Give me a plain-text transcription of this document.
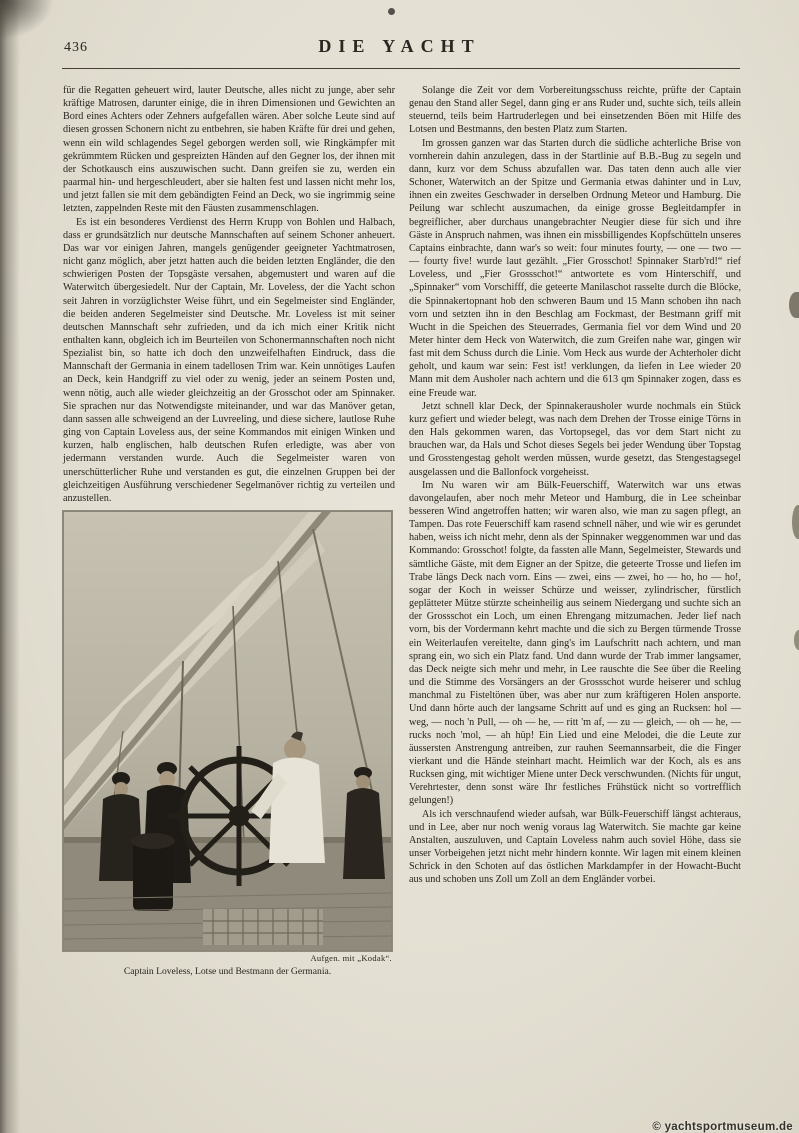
436	DIE YACHT

für die Regatten geheuert wird, lauter Deutsche, alles nicht zu junge, aber sehr kräftige Matrosen, darunter einige, die in ihren Dimensionen und Gewichten an Bord eines Achters oder Zehners aufgefallen wären. Aber solche Leute sind auf diesen grossen Schonern nicht zu entbehren, sie haben Kräfte für drei und gehen, wenn ein wild schlagendes Segel geborgen werden soll, wie Ringkämpfer mit gekrümmtem Rücken und gespreizten Händen auf den Gegner los, der ihnen mit der Schotkausch eins auszuwischen sucht. Dann greifen sie zu, werden ein paarmal hin- und hergeschleudert, aber sie halten fest und lassen nicht mehr los, und jetzt fallen sie mit dem gebändigten Feind an Deck, wo sie ingrimmig seine letzten, zappelnden Reste mit den Fäusten zusammenschlagen.

Es ist ein besonderes Verdienst des Herrn Krupp von Bohlen und Halbach, dass er grundsätzlich nur deutsche Mannschaften auf seinem Schoner anheuert. Das war vor einigen Jahren, mangels genügender geeigneter Yachtmatrosen, nicht ganz möglich, aber jetzt hatten auch die beiden letzten Engländer, die den schwierigen Posten der Topsgäste versahen, abgemustert und waren auf die Waterwitch übergesiedelt. Nur der Captain, Mr. Loveless, der die Yacht schon seit Jahren in vorzüglichster Weise führt, und ein Segelmeister sind Engländer, die beiden anderen Segelmeister sind Deutsche. Mr. Loveless ist mit seiner deutschen Mannschaft sehr zufrieden, und da ich mich einer Kritik nicht enthalten kann, obgleich ich im Beurteilen von Schonermannschaften noch nicht Spezialist bin, so hatte ich doch den unzweifelhaften Eindruck, dass die Mannschaft der Germania in einem tadellosen Trim war. Kein unnötiges Laufen an Deck, kein Handgriff zu viel oder zu wenig, jeder an seinem Posten und, wenn nötig, auch alle wieder gleichzeitig an der Grosschot oder am Spinnaker. Sie sprachen nur das Notwendigste miteinander, und war das Manöver getan, dann sassen alle schweigend an der Luvreeling, und diese sichere, lautlose Ruhe ging von Captain Loveless aus, der seine Kommandos mit einigen Winken und kurzen, halb englischen, halb deutschen Rufen erledigte, was aber von jedermann verstanden wurde. Auch die Segelmeister waren von unerschütterlicher Ruhe und verstanden es gut, die einzelnen Gruppen bei der gleichzeitigen Ausführung verschiedener Segelmanöver richtig zu verteilen und anzustellen.

Aufgen. mit „Kodak“.
Captain Loveless, Lotse und Bestmann der Germania.

Solange die Zeit vor dem Vorbereitungsschuss reichte, prüfte der Captain genau den Stand aller Segel, dann ging er ans Ruder und, suchte sich, teils allein steuernd, teils beim Hartruderlegen und bei einsetzenden Böen mit Hilfe des Lotsen und Bestmanns, den besten Platz zum Starten.

Im grossen ganzen war das Starten durch die südliche achterliche Brise von vornherein dahin anzulegen, dass in der Startlinie auf B.B.-Bug zu segeln und dann, kurz vor dem Schuss abzufallen war. Das taten denn auch alle vier Schoner, Waterwitch an der Spitze und Germania etwas dahinter und in Luv, ihnen ein zweites Geschwader in derselben Ordnung Meteor und Hamburg. Die Peilung war schlecht auszumachen, da einige grosse Begleitdampfer in begreiflicher, aber durchaus unangebrachter Neugier diese für sich und ihre Gäste in Anspruch nahmen, was ihnen ein missbilligendes Kopfschütteln unseres Captains einbrachte, dann war's so weit: four minutes fourty, — one — two — — fourty five! wurde laut gezählt. „Fier Grosschot! Spinnaker Starb'rd!“ rief Loveless, und „Fier Grossschot!“ antwortete es vom Hinterschiff, und „Spinnaker“ vom Vorschifff, die geteerte Manilaschot rasselte durch die Blöcke, die Spinnakertopnant hob den schweren Baum und 15 Mann schoben ihn nach vorn und setzten ihn in den Beschlag am Fockmast, der Bestmann griff mit Wucht in die Speichen des Steuerrades, Germania fiel vor dem Wind und 20 Meter hinter dem Heck von Waterwitch, die zum Greifen nahe war, gingen wir fast mit dem Schuss durch die Linie. Vom Heck aus wurde der Achterholer dicht geholt, und kaum war sein: Fest ist! verklungen, da liefen in Lee wieder 20 Mann mit dem Ausholer nach achtern und die 613 qm Spinnaker zogen, dass es eine Freude war.

Jetzt schnell klar Deck, der Spinnakerausholer wurde nochmals ein Stück kurz gefiert und wieder belegt, was nach dem Drehen der Trosse einige Törns in den Hals gekommen waren, das Vortopsegel, das vor dem Start nicht zu brauchen war, da Hals und Schot dieses Segels bei jeder Wendung über Topstag und Grosstengestag geholt werden müssen, wurde gesetzt, das Stengestagsegel ausgelassen und die Ballonfock vorgeheisst.

Im Nu waren wir am Bülk-Feuerschiff, Waterwitch war uns etwas davongelaufen, aber noch mehr Meteor und Hamburg, die in Lee scheinbar besseren Wind angetroffen hatten; wir waren also, wie man zu sagen pflegt, an Tampen. Das rote Feuerschiff kam rasend schnell näher, und wie wir es gerundet haben, weiss ich nicht mehr, denn als der Spinnaker weggenommen war und das Kommando: Grosschot! folgte, da fassten alle Mann, Segelmeister, Stewards und sämtliche Gäste, mit dem Eigner an der Spitze, die geteerte Trosse und liefen im Trabe längs Deck nach vorn. Eins — zwei, eins — zwei, ho — ho, ho — ho!, sogar der Koch in weisser Schürze und weisser, zylindrischer, fürstlich geplätteter Mütze stürzte scheinheilig aus seinem Niedergang und suchte sich an der Grossschot ein Loch, um einen Ehrengang mitzumachen. Jeder lief nach vorn, bis der Vordermann kehrt machte und die sich zu Bergen türmende Trosse ein Weiterlaufen vereitelte, dann ging's im Laufschritt nach achtern, und man sprang ein, wo sich ein Platz fand. Und dann wurde der Trab immer langsamer, das Deck neigte sich mehr und mehr, in Lee rauschte die See über die Reeling und die Stimme des Vorsängers an der Grossschot wurde heiserer und schlug manchmal zu Fisteltönen über, was aber nur zum kräftigeren Holen ansporte. Und dann hörte auch der langsame Schritt auf und es ging an Rucksen: hol — weg, — noch 'n Pull, — oh — he, — ritt 'm af, — zu — gleich, — oh — he, — rucks noch 'mol, — ah hüp! Ein Lied und eine Melodei, die die Leute zur äussersten Anstrengung antreiben, zur rauhen Seemannsarbeit, die die Finger vierkant und die Hände steinhart macht. Heimlich war der Koch, als es ans Rucksen ging, mit wichtiger Miene unter Deck verschwunden. (Nichts für ungut, Verehrtester, denn sonst wäre Ihr festliches Frühstück nicht so vortrefflich gelungen!)

Als ich verschnaufend wieder aufsah, war Bülk-Feuerschiff längst achteraus, und in Lee, aber nur noch wenig voraus lag Waterwitch. Sie machte gar keine Anstalten, auszuluven, und Captain Loveless nahm auch soviel Höhe, dass sie unser Vorbeigehen jetzt nicht mehr hindern konnte. Wir lagen mit einem kleinen Schrick in den Schoten auf das östlichen Markdampfer in der Howacht-Bucht aus und schoben uns Zoll um Zoll an dem Engländer vorbei.

© yachtsportmuseum.de
